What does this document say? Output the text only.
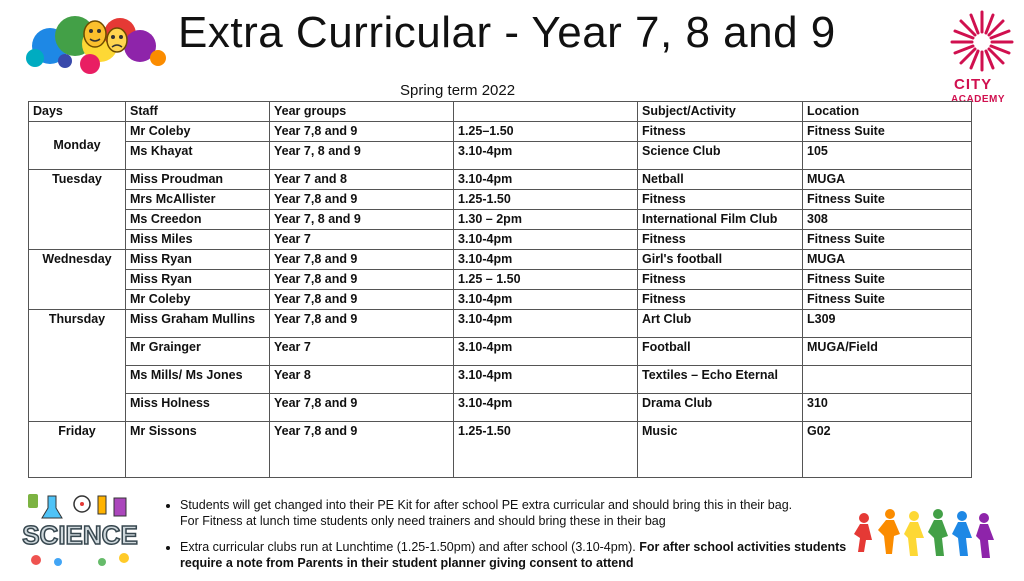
Extra Curricular - Year 7, 8 and 9
CITY
ACADEMY
Spring term 2022
Days	Staff	Year groups		Subject/Activity	Location
Monday	Mr Coleby	Year 7,8 and 9	1.25–1.50	Fitness	Fitness Suite
	Ms Khayat	Year 7, 8 and 9	3.10-4pm	Science Club	105
Tuesday	Miss Proudman	Year 7 and 8	3.10-4pm	Netball	MUGA
	Mrs McAllister	Year 7,8 and 9	1.25-1.50	Fitness	Fitness Suite
	Ms Creedon	Year 7, 8 and 9	1.30 – 2pm	International Film Club	308
	Miss Miles	Year 7	3.10-4pm	Fitness	Fitness Suite
Wednesday	Miss Ryan	Year 7,8 and 9	3.10-4pm	Girl's football	MUGA
	Miss Ryan	Year 7,8 and 9	1.25 – 1.50	Fitness	Fitness Suite
	Mr Coleby	Year 7,8 and 9	3.10-4pm	Fitness	Fitness Suite
Thursday	Miss Graham Mullins	Year 7,8 and 9	3.10-4pm	Art Club	L309
	Mr Grainger	Year 7	3.10-4pm	Football	MUGA/Field
	Ms Mills/ Ms Jones	Year 8	3.10-4pm	Textiles – Echo Eternal	
	Miss Holness	Year 7,8 and 9	3.10-4pm	Drama Club	310
Friday	Mr Sissons	Year 7,8 and 9	1.25-1.50	Music	G02
SCIENCE
• Students will get changed into their PE Kit for after school PE extra curricular and should bring this in their bag.
For Fitness at lunch time students only need trainers and should bring these in their bag
• Extra curricular clubs run at Lunchtime (1.25-1.50pm) and after school (3.10-4pm). For after school activities students require a note from Parents in their student planner giving consent to attend
